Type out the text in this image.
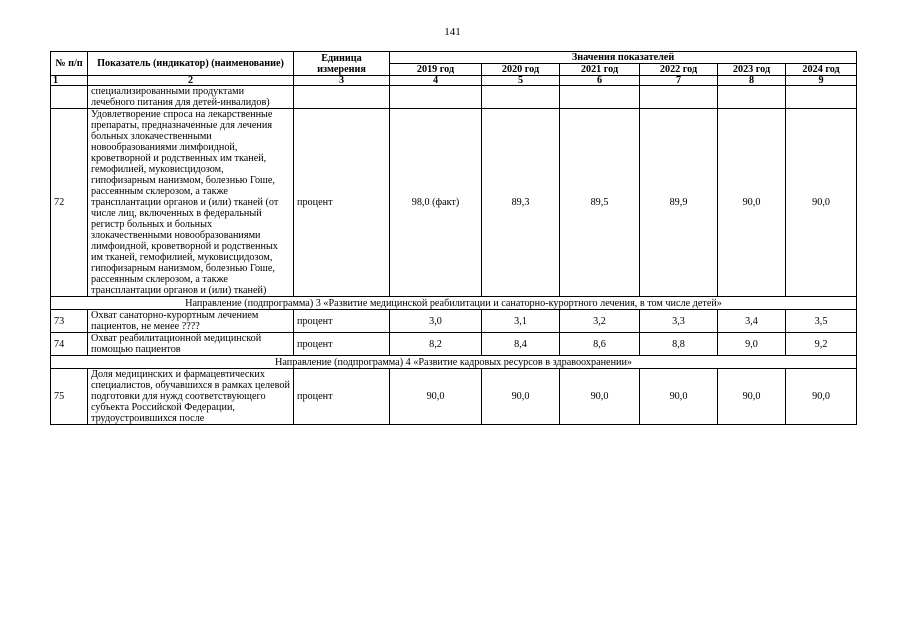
141
№ п/п	Показатель (индикатор) (наименование)	Единица измерения	Значения показателей					
			2019 год	2020 год	2021 год	2022 год	2023 год	2024 год
1	2	3	4	5	6	7	8	9
	специализированными продуктами лечебного питания для детей-инвалидов)							
72	Удовлетворение спроса на лекарственные препараты, предназначенные для лечения больных злокачественными новообразованиями лимфоидной, кроветворной и родственных им тканей, гемофилией, муковисцидозом, гипофизарным нанизмом, болезнью Гоше, рассеянным склерозом, а также трансплантации органов и (или) тканей (от числе лиц, включенных в федеральный регистр больных и больных злокачественными новообразованиями лимфоидной, кроветворной и родственных им тканей, гемофилией, муковисцидозом, гипофизарным нанизмом, болезнью Гоше, рассеянным склерозом, а также трансплантации органов и (или) тканей)	процент	98,0 (факт)	89,3	89,5	89,9	90,0	90,0
Направление (подпрограмма) 3 «Развитие медицинской реабилитации и санаторно-курортного лечения, в том числе детей»								
73	Охват санаторно-курортным лечением пациентов, не менее ????	процент	3,0	3,1	3,2	3,3	3,4	3,5
74	Охват реабилитационной медицинской помощью пациентов	процент	8,2	8,4	8,6	8,8	9,0	9,2
Направление (подпрограмма) 4 «Развитие кадровых ресурсов в здравоохранении»								
75	Доля медицинских и фармацевтических специалистов, обучавшихся в рамках целевой подготовки для нужд соответствующего субъекта Российской Федерации, трудоустроившихся после	процент	90,0	90,0	90,0	90,0	90,0	90,0
